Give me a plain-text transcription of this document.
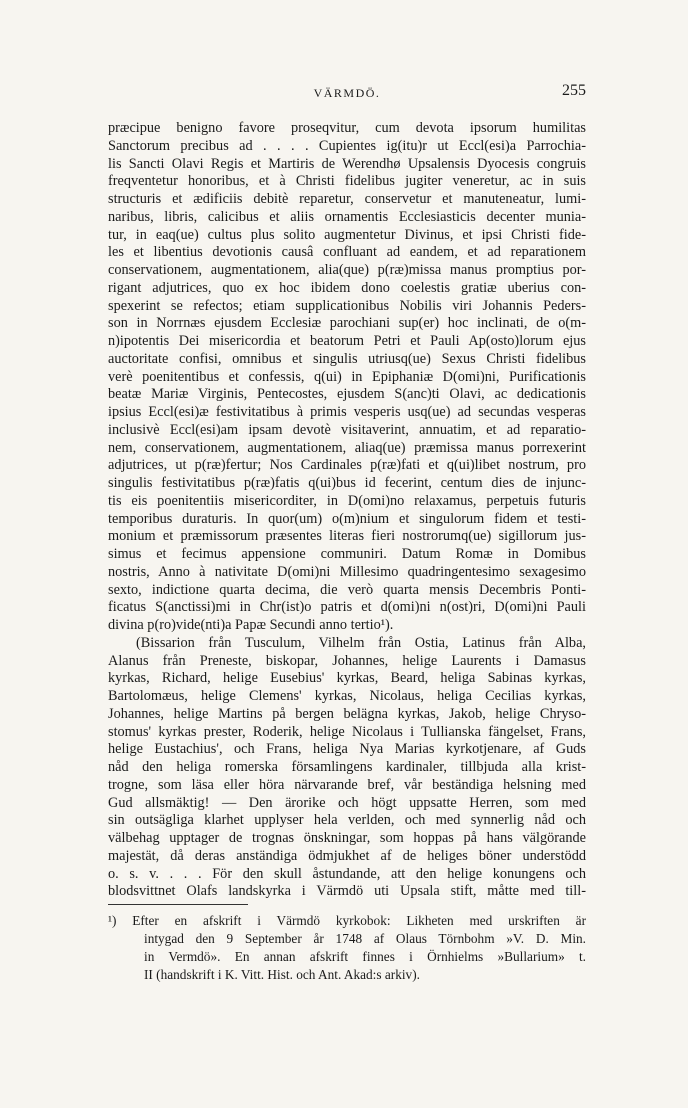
VÄRMDÖ.	255
præcipue benigno favore proseqvitur, cum devota ipsorum humilitas
Sanctorum precibus ad . . . . Cupientes ig(itu)r ut Eccl(esi)a Parrochia-
lis Sancti Olavi Regis et Martiris de Werendhø Upsalensis Dyocesis congruis
freqventetur honoribus, et à Christi fidelibus jugiter veneretur, ac in suis
structuris et ædificiis debitè reparetur, conservetur et manuteneatur, lumi-
naribus, libris, calicibus et aliis ornamentis Ecclesiasticis decenter munia-
tur, in eaq(ue) cultus plus solito augmentetur Divinus, et ipsi Christi fide-
les et libentius devotionis causâ confluant ad eandem, et ad reparationem
conservationem, augmentationem, alia(que) p(ræ)missa manus promptius por-
rigant adjutrices, quo ex hoc ibidem dono coelestis gratiæ uberius con-
spexerint se refectos; etiam supplicationibus Nobilis viri Johannis Peders-
son in Norrnæs ejusdem Ecclesiæ parochiani sup(er) hoc inclinati, de o(m-
n)ipotentis Dei misericordia et beatorum Petri et Pauli Ap(osto)lorum ejus
auctoritate confisi, omnibus et singulis utriusq(ue) Sexus Christi fidelibus
verè poenitentibus et confessis, q(ui) in Epiphaniæ D(omi)ni, Purificationis
beatæ Mariæ Virginis, Pentecostes, ejusdem S(anc)ti Olavi, ac dedicationis
ipsius Eccl(esi)æ festivitatibus à primis vesperis usq(ue) ad secundas vesperas
inclusivè Eccl(esi)am ipsam devotè visitaverint, annuatim, et ad reparatio-
nem, conservationem, augmentationem, aliaq(ue) præmissa manus porrexerint
adjutrices, ut p(ræ)fertur; Nos Cardinales p(ræ)fati et q(ui)libet nostrum, pro
singulis festivitatibus p(ræ)fatis q(ui)bus id fecerint, centum dies de injunc-
tis eis poenitentiis misericorditer, in D(omi)no relaxamus, perpetuis futuris
temporibus duraturis. In quor(um) o(m)nium et singulorum fidem et testi-
monium et præmissorum præsentes literas fieri nostrorumq(ue) sigillorum jus-
simus et fecimus appensione communiri. Datum Romæ in Domibus
nostris, Anno à nativitate D(omi)ni Millesimo quadringentesimo sexagesimo
sexto, indictione quarta decima, die verò quarta mensis Decembris Ponti-
ficatus S(anctissi)mi in Chr(ist)o patris et d(omi)ni n(ost)ri, D(omi)ni Pauli
divina p(ro)vide(nti)a Papæ Secundi anno tertio¹).
(Bissarion från Tusculum, Vilhelm från Ostia, Latinus från Alba,
Alanus från Preneste, biskopar, Johannes, helige Laurents i Damasus
kyrkas, Richard, helige Eusebius' kyrkas, Beard, heliga Sabinas kyrkas,
Bartolomæus, helige Clemens' kyrkas, Nicolaus, heliga Cecilias kyrkas,
Johannes, helige Martins på bergen belägna kyrkas, Jakob, helige Chryso-
stomus' kyrkas prester, Roderik, helige Nicolaus i Tullianska fängelset, Frans,
helige Eustachius', och Frans, heliga Nya Marias kyrkotjenare, af Guds
nåd den heliga romerska församlingens kardinaler, tillbjuda alla krist-
trogne, som läsa eller höra närvarande bref, vår beständiga helsning med
Gud allsmäktig! — Den ärorike och högt uppsatte Herren, som med
sin outsägliga klarhet upplyser hela verlden, och med synnerlig nåd och
välbehag upptager de trognas önskningar, som hoppas på hans välgörande
majestät, då deras anständiga ödmjukhet af de heliges böner understödd
o. s. v. . . . För den skull åstundande, att den helige konungens och
blodsvittnet Olafs landskyrka i Värmdö uti Upsala stift, måtte med till-
¹) Efter en afskrift i Värmdö kyrkobok: Likheten med urskriften är
intygad den 9 September år 1748 af Olaus Törnbohm »V. D. Min.
in Vermdö». En annan afskrift finnes i Örnhielms »Bullarium» t.
II (handskrift i K. Vitt. Hist. och Ant. Akad:s arkiv).
